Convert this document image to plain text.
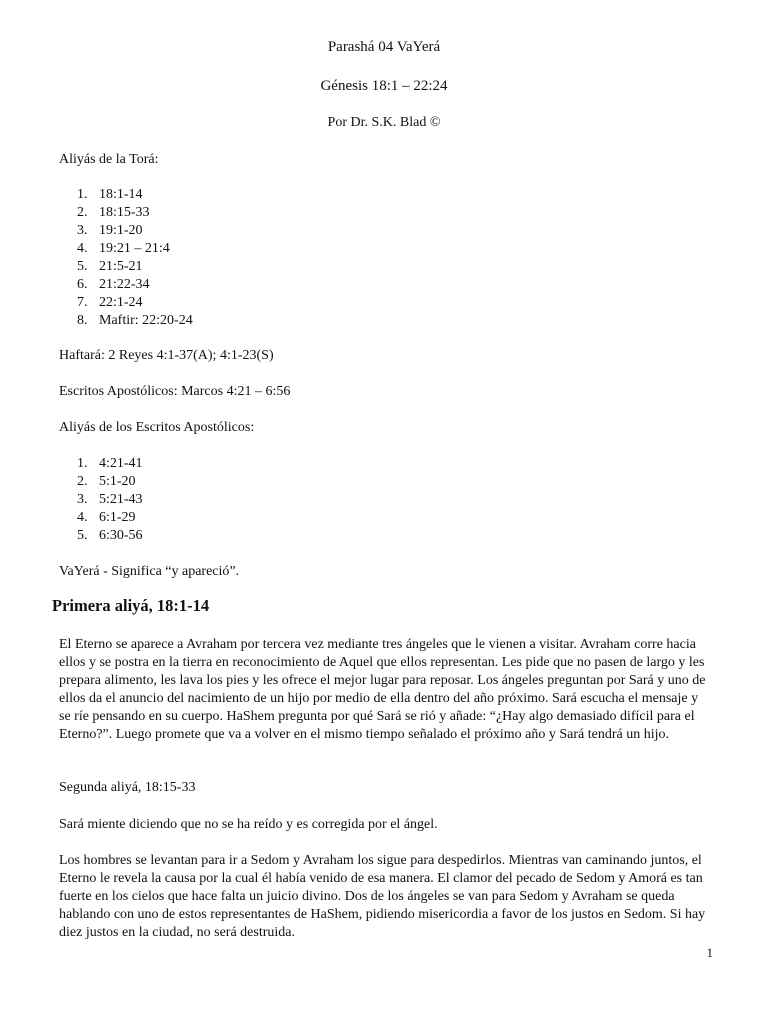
Parashá 04 VaYerá
Génesis 18:1 – 22:24
Por Dr. S.K. Blad ©
Aliyás de la Torá:
1. 18:1-14
2. 18:15-33
3. 19:1-20
4. 19:21 – 21:4
5. 21:5-21
6. 21:22-34
7. 22:1-24
8. Maftir: 22:20-24
Haftará: 2 Reyes 4:1-37(A); 4:1-23(S)
Escritos Apostólicos: Marcos 4:21 – 6:56
Aliyás de los Escritos Apostólicos:
1. 4:21-41
2. 5:1-20
3. 5:21-43
4. 6:1-29
5. 6:30-56
VaYerá - Significa “y apareció”.
Primera aliyá, 18:1-14
El Eterno se aparece a Avraham por tercera vez mediante tres ángeles que le vienen a visitar. Avraham corre hacia ellos y se postra en la tierra en reconocimiento de Aquel que ellos representan. Les pide que no pasen de largo y les prepara alimento, les lava los pies y les ofrece el mejor lugar para reposar. Los ángeles preguntan por Sará y uno de ellos da el anuncio del nacimiento de un hijo por medio de ella dentro del año próximo. Sará escucha el mensaje y se ríe pensando en su cuerpo. HaShem pregunta por qué Sará se rió y añade: “¿Hay algo demasiado difícil para el Eterno?”. Luego promete que va a volver en el mismo tiempo señalado el próximo año y Sará tendrá un hijo.
Segunda aliyá, 18:15-33
Sará miente diciendo que no se ha reído y es corregida por el ángel.
Los hombres se levantan para ir a Sedom y Avraham los sigue para despedirlos. Mientras van caminando juntos, el Eterno le revela la causa por la cual él había venido de esa manera. El clamor del pecado de Sedom y Amorá es tan fuerte en los cielos que hace falta un juicio divino. Dos de los ángeles se van para Sedom y Avraham se queda hablando con uno de estos representantes de HaShem, pidiendo misericordia a favor de los justos en Sedom. Si hay diez justos en la ciudad, no será destruida.
1
